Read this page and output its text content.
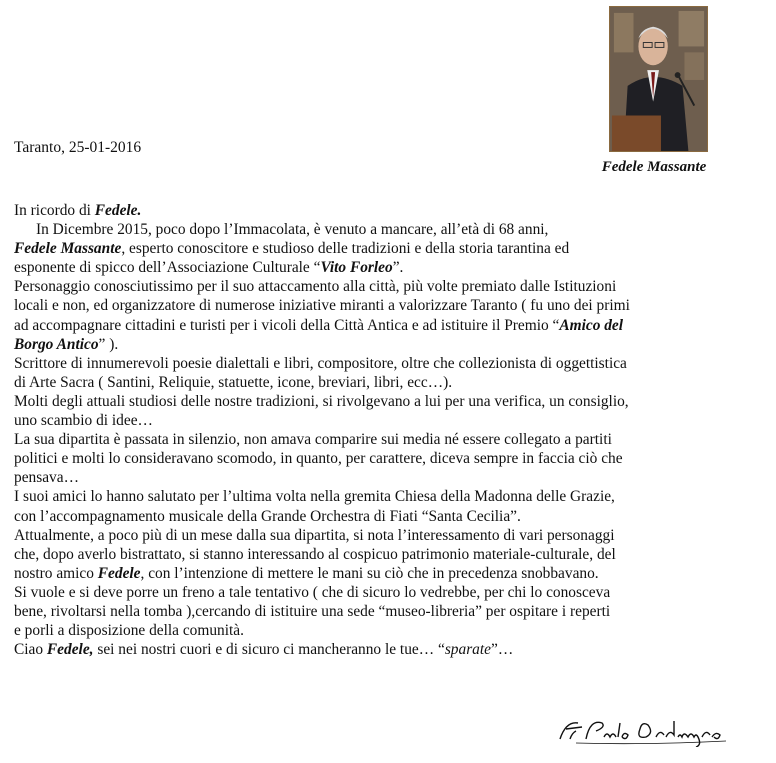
Fedele Massante
Taranto, 25-01-2016
In ricordo di Fedele.
In Dicembre 2015, poco dopo l’Immacolata, è venuto a mancare, all’età di 68 anni,
Fedele Massante, esperto conoscitore e studioso delle tradizioni e della storia tarantina ed
esponente di spicco dell’Associazione Culturale “Vito Forleo”.
Personaggio conosciutissimo per il suo attaccamento alla città, più volte premiato dalle Istituzioni
locali e non, ed organizzatore di numerose iniziative miranti a valorizzare Taranto ( fu uno dei primi
ad accompagnare cittadini e turisti per i vicoli della Città Antica e ad istituire il Premio “Amico del
Borgo Antico” ).
Scrittore di innumerevoli poesie dialettali e libri, compositore, oltre che collezionista di oggettistica
di Arte Sacra ( Santini, Reliquie, statuette, icone, breviari, libri, ecc…).
Molti degli attuali studiosi delle nostre tradizioni, si rivolgevano a lui per una verifica, un consiglio,
uno scambio di idee…
La sua dipartita è passata in silenzio, non amava comparire sui media né essere collegato a partiti
politici e molti lo consideravano scomodo, in quanto, per carattere, diceva sempre in faccia ciò che
pensava…
I suoi amici lo hanno salutato per l’ultima volta nella gremita Chiesa della Madonna delle Grazie,
con l’accompagnamento musicale della Grande Orchestra di Fiati “Santa Cecilia”.
Attualmente, a poco più di un mese dalla sua dipartita, si nota l’interessamento di vari personaggi
che, dopo averlo bistrattato, si stanno interessando al cospicuo patrimonio materiale-culturale, del
nostro amico Fedele, con l’intenzione di mettere le mani su ciò che in precedenza snobbavano.
Si vuole e si deve porre un freno a tale tentativo ( che di sicuro lo vedrebbe, per chi lo conosceva
bene, rivoltarsi nella tomba ),cercando di istituire una sede “museo-libreria” per ospitare i reperti
e porli a disposizione della comunità.
Ciao Fedele, sei nei nostri cuori e di sicuro ci mancheranno le tue… “sparate”…
